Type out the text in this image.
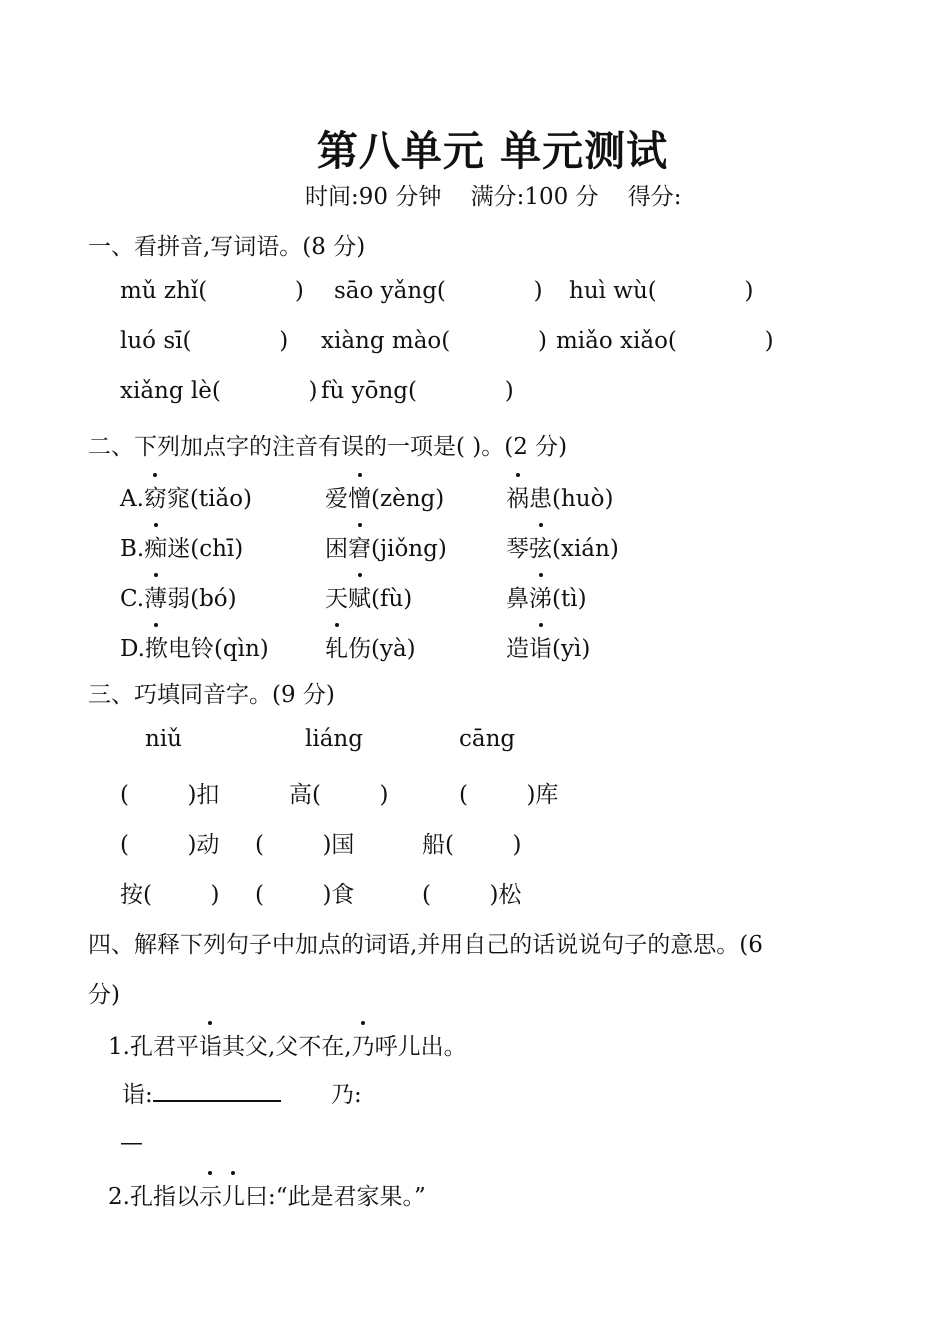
第八单元 单元测试
时间:90 分钟    满分:100 分    得分:
一、看拼音,写词语。(8 分)
mǔ zhǐ(            ) sāo yǎng(            ) huì wù(            )
luó sī(            ) xiàng mào(            ) miǎo xiǎo(            )
xiǎng lè(            ) fù yōng(            )
二、下列加点字的注音有误的一项是( )。(2 分)
A.窈窕(tiǎo)	爱憎(zèng)	祸患(huò)
B.痴迷(chī)	困窘(jiǒng)	琴弦(xián)
C.薄弱(bó)	天赋(fù)	鼻涕(tì)
D.揿电铃(qìn) 轧伤(yà)	造诣(yì)
三、巧填同音字。(9 分)
niǔ	liáng	cāng
(        )扣	高(        )	(        )库
(        )动 (        )国	船(        )
按(        ) (        )食	(        )松
四、解释下列句子中加点的词语,并用自己的话说说句子的意思。(6
分)
1.孔君平诣其父,父不在,乃呼儿出。
诣:	乃:
—
2.孔指以示儿曰:“此是君家果。”
